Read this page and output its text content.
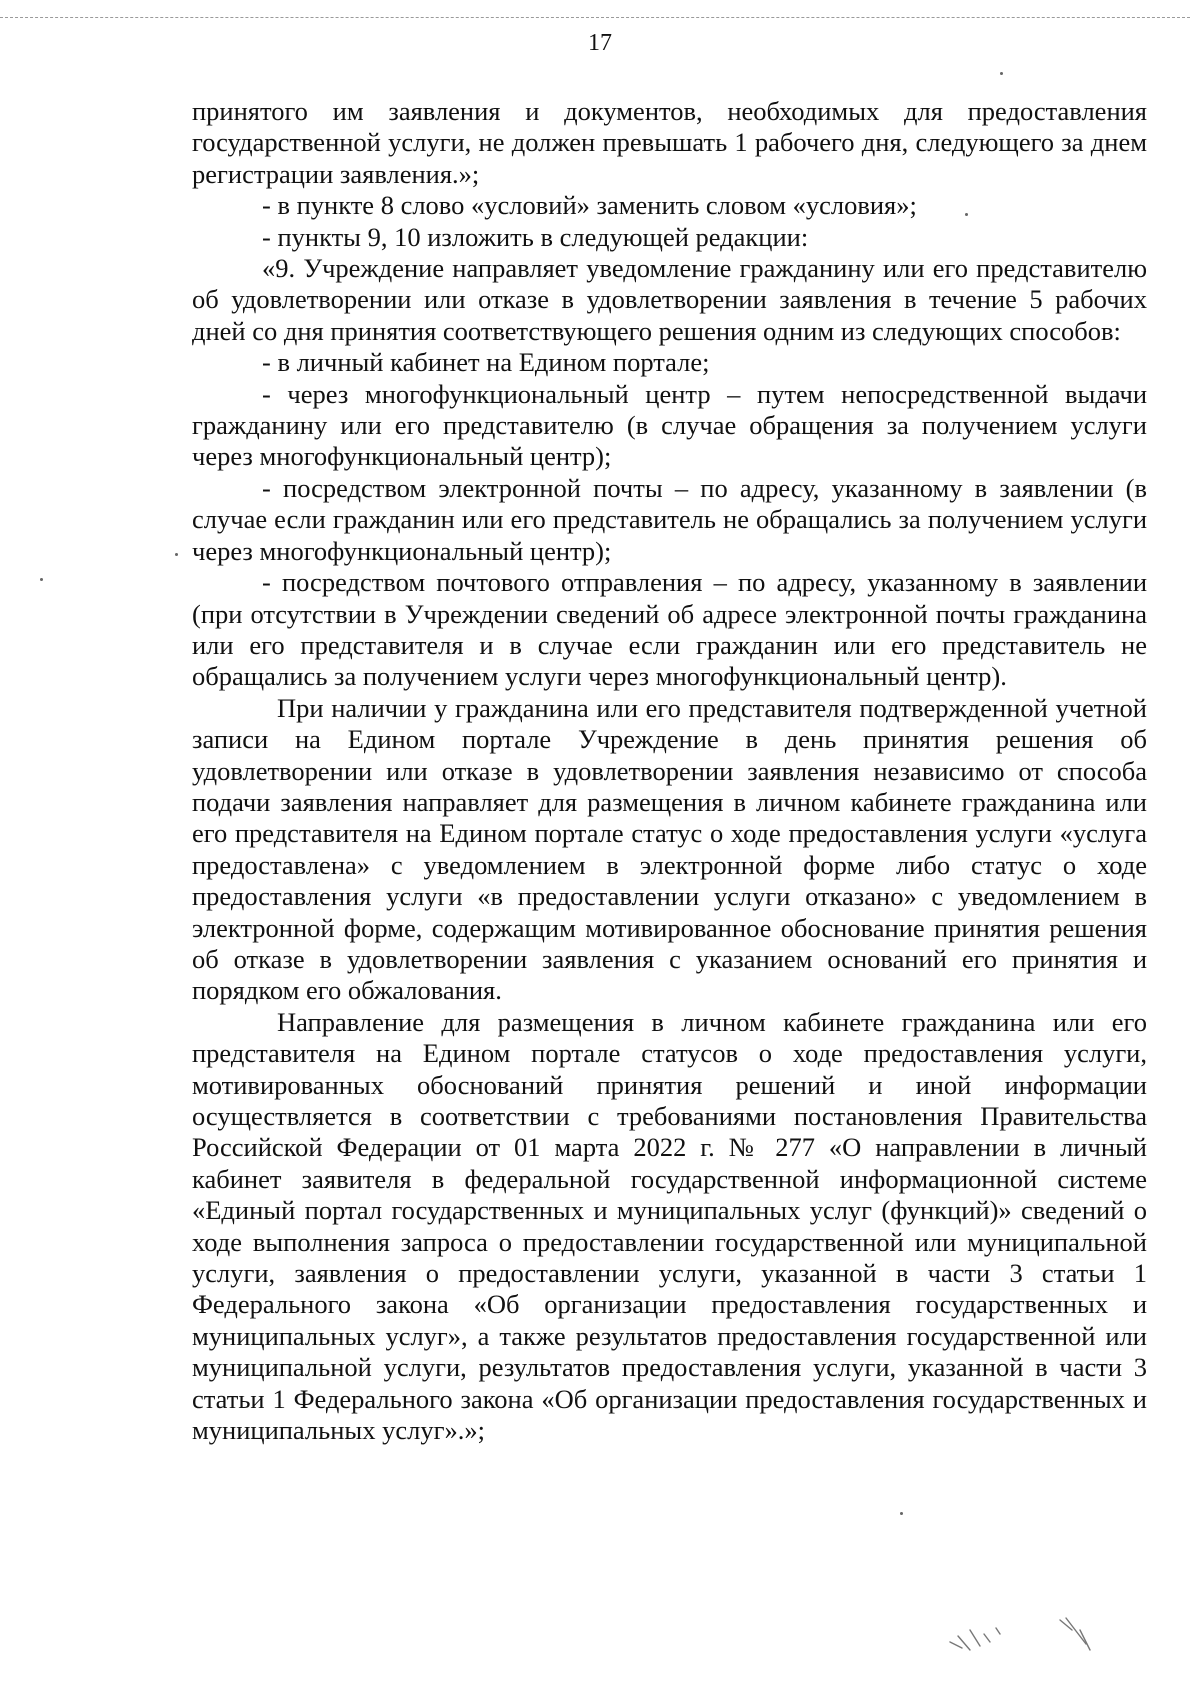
17

принятого им заявления и документов, необходимых для предоставления государственной услуги, не должен превышать 1 рабочего дня, следующего за днем регистрации заявления.»;

- в пункте 8 слово «условий» заменить словом «условия»;

- пункты 9, 10 изложить в следующей редакции:

«9. Учреждение направляет уведомление гражданину или его представителю об удовлетворении или отказе в удовлетворении заявления в течение 5 рабочих дней со дня принятия соответствующего решения одним из следующих способов:

- в личный кабинет на Едином портале;

- через многофункциональный центр – путем непосредственной выдачи гражданину или его представителю (в случае обращения за получением услуги через многофункциональный центр);

- посредством электронной почты – по адресу, указанному в заявлении (в случае если гражданин или его представитель не обращались за получением услуги через многофункциональный центр);

- посредством почтового отправления – по адресу, указанному в заявлении (при отсутствии в Учреждении сведений об адресе электронной почты гражданина или его представителя и в случае если гражданин или его представитель не обращались за получением услуги через многофункциональный центр).

При наличии у гражданина или его представителя подтвержденной учетной записи на Едином портале Учреждение в день принятия решения об удовлетворении или отказе в удовлетворении заявления независимо от способа подачи заявления направляет для размещения в личном кабинете гражданина или его представителя на Едином портале статус о ходе предоставления услуги «услуга предоставлена» с уведомлением в электронной форме либо статус о ходе предоставления услуги «в предоставлении услуги отказано» с уведомлением в электронной форме, содержащим мотивированное обоснование принятия решения об отказе в удовлетворении заявления с указанием оснований его принятия и порядком его обжалования.

Направление для размещения в личном кабинете гражданина или его представителя на Едином портале статусов о ходе предоставления услуги, мотивированных обоснований принятия решений и иной информации осуществляется в соответствии с требованиями постановления Правительства Российской Федерации от 01 марта 2022 г. № 277 «О направлении в личный кабинет заявителя в федеральной государственной информационной системе «Единый портал государственных и муниципальных услуг (функций)» сведений о ходе выполнения запроса о предоставлении государственной или муниципальной услуги, заявления о предоставлении услуги, указанной в части 3 статьи 1 Федерального закона «Об организации предоставления государственных и муниципальных услуг», а также результатов предоставления государственной или муниципальной услуги, результатов предоставления услуги, указанной в части 3 статьи 1 Федерального закона «Об организации предоставления государственных и муниципальных услуг».»;
